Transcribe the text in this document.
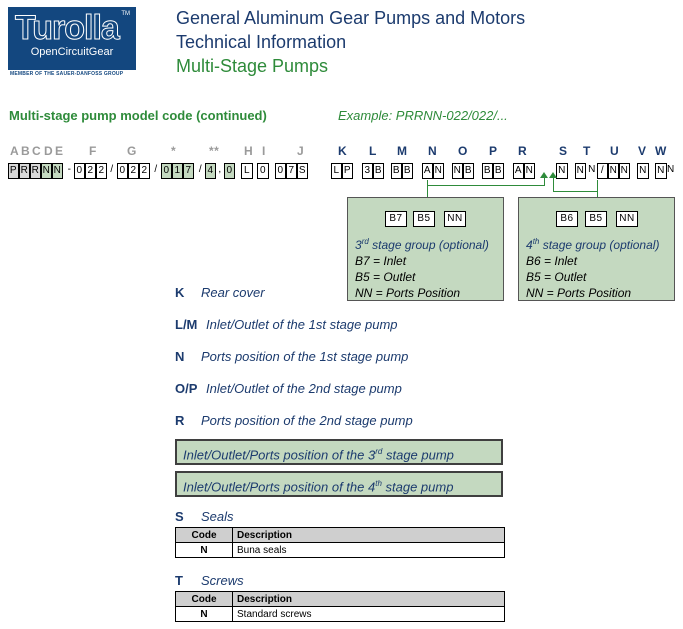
Turolla TM
OpenCircuitGear
MEMBER OF THE SAUER-DANFOSS GROUP
General Aluminum Gear Pumps and Motors
Technical Information
Multi-Stage Pumps
Multi-stage pump model code (continued)	Example: PRRNN-022/022/...
A B C D E F	G	*	** H I	J	K L M N O P R	S T U V W
P R R N N - 0 2 2 / 0 2 2 / 0 1 7 / 4 , 0 L 0 0 7 S	L P 3 B B B A N N B B B A N N N N / N N N N N
B7	B5	NN
3rd stage group (optional)
B7 = Inlet
B5 = Outlet
NN = Ports Position
B6	B5	NN
4th stage group (optional)
B6 = Inlet
B5 = Outlet
NN = Ports Position
K Rear cover
L/M Inlet/Outlet of the 1st stage pump
N Ports position of the 1st stage pump
O/P Inlet/Outlet of the 2nd stage pump
R Ports position of the 2nd stage pump
Inlet/Outlet/Ports position of the 3rd stage pump
Inlet/Outlet/Ports position of the 4th stage pump
S Seals
Code	Description
N	Buna seals
T Screws
Code	Description
N	Standard screws
